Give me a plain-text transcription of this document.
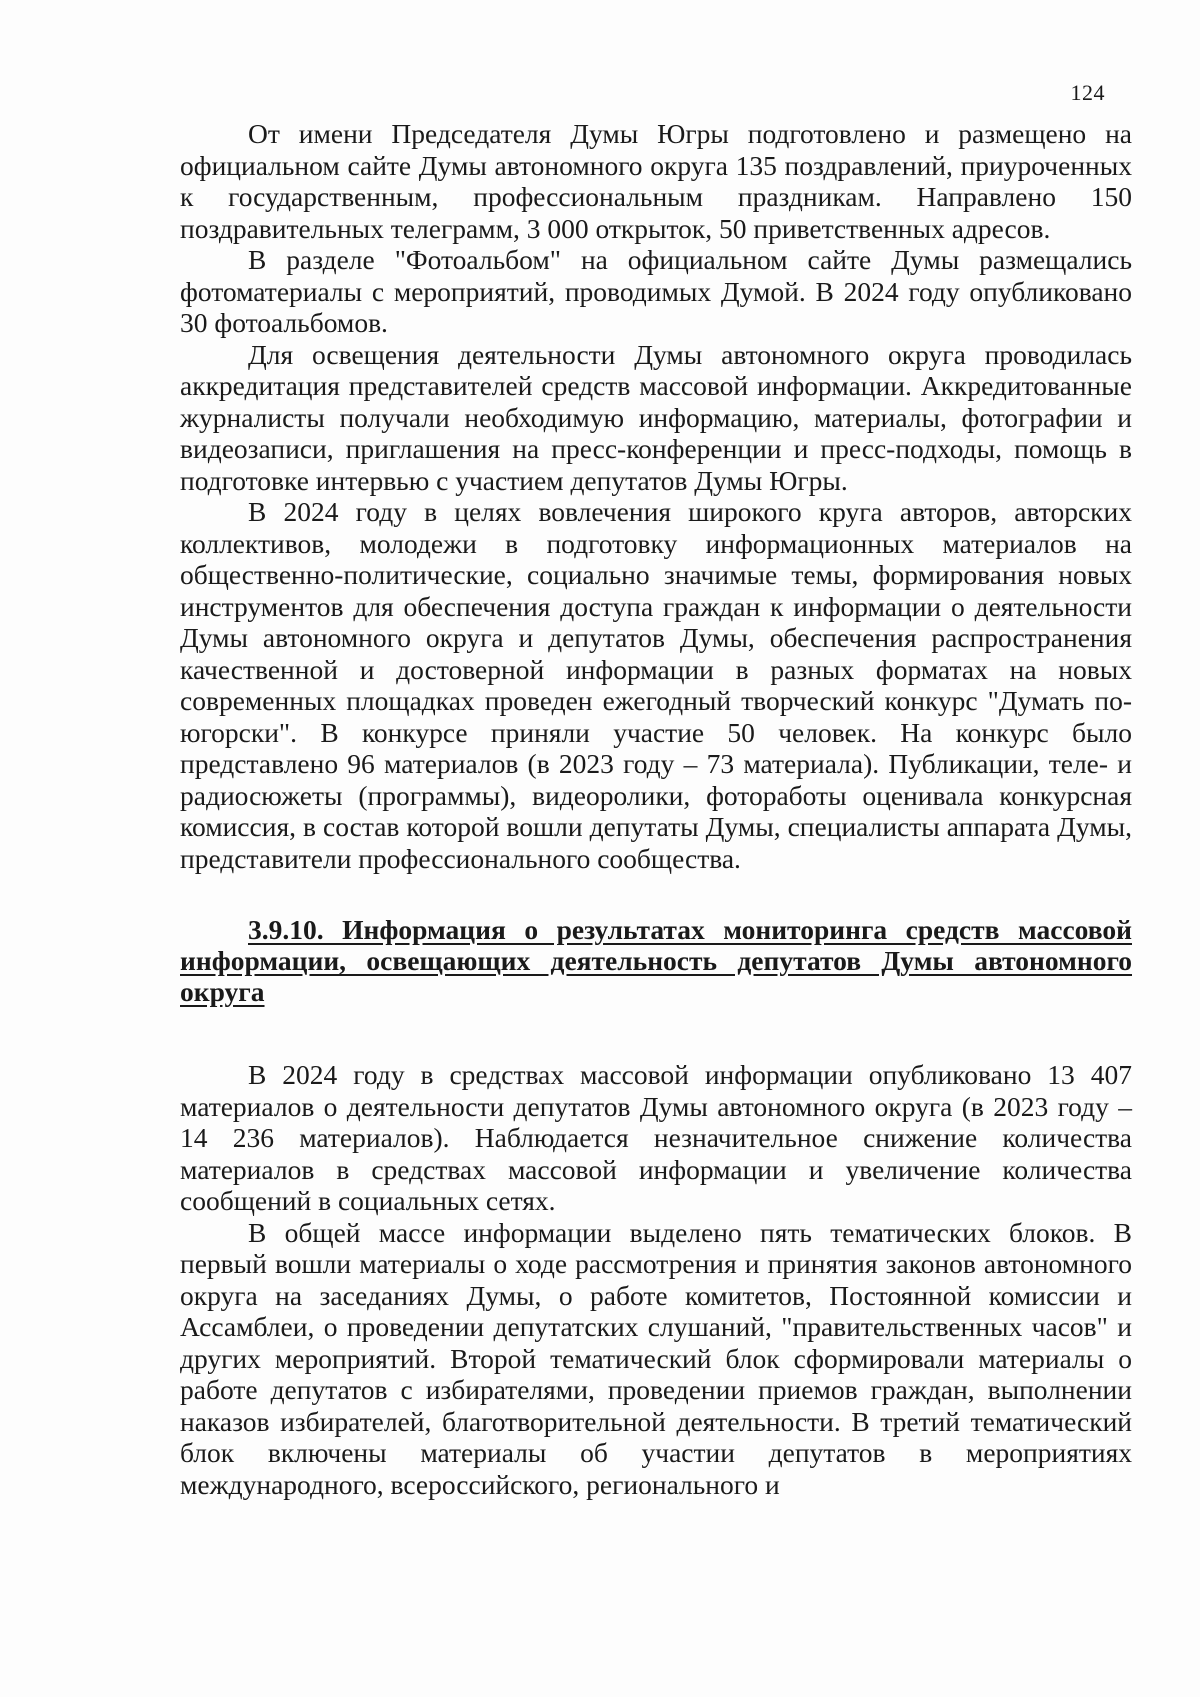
124

От имени Председателя Думы Югры подготовлено и размещено на официальном сайте Думы автономного округа 135 поздравлений, приуроченных к государственным, профессиональным праздникам. Направлено 150 поздравительных телеграмм, 3 000 открыток, 50 приветственных адресов.

В разделе "Фотоальбом" на официальном сайте Думы размещались фотоматериалы с мероприятий, проводимых Думой. В 2024 году опубликовано 30 фотоальбомов.

Для освещения деятельности Думы автономного округа проводилась аккредитация представителей средств массовой информации. Аккредитованные журналисты получали необходимую информацию, материалы, фотографии и видеозаписи, приглашения на пресс-конференции и пресс-подходы, помощь в подготовке интервью с участием депутатов Думы Югры.

В 2024 году в целях вовлечения широкого круга авторов, авторских коллективов, молодежи в подготовку информационных материалов на общественно-политические, социально значимые темы, формирования новых инструментов для обеспечения доступа граждан к информации о деятельности Думы автономного округа и депутатов Думы, обеспечения распространения качественной и достоверной информации в разных форматах на новых современных площадках проведен ежегодный творческий конкурс "Думать по-югорски". В конкурсе приняли участие 50 человек. На конкурс было представлено 96 материалов (в 2023 году – 73 материала). Публикации, теле- и радиосюжеты (программы), видеоролики, фотоработы оценивала конкурсная комиссия, в состав которой вошли депутаты Думы, специалисты аппарата Думы, представители профессионального сообщества.

3.9.10. Информация о результатах мониторинга средств массовой информации, освещающих деятельность депутатов Думы автономного округа

В 2024 году в средствах массовой информации опубликовано 13 407 материалов о деятельности депутатов Думы автономного округа (в 2023 году – 14 236 материалов). Наблюдается незначительное снижение количества материалов в средствах массовой информации и увеличение количества сообщений в социальных сетях.

В общей массе информации выделено пять тематических блоков. В первый вошли материалы о ходе рассмотрения и принятия законов автономного округа на заседаниях Думы, о работе комитетов, Постоянной комиссии и Ассамблеи, о проведении депутатских слушаний, "правительственных часов" и других мероприятий. Второй тематический блок сформировали материалы о работе депутатов с избирателями, проведении приемов граждан, выполнении наказов избирателей, благотворительной деятельности. В третий тематический блок включены материалы об участии депутатов в мероприятиях международного, всероссийского, регионального и
